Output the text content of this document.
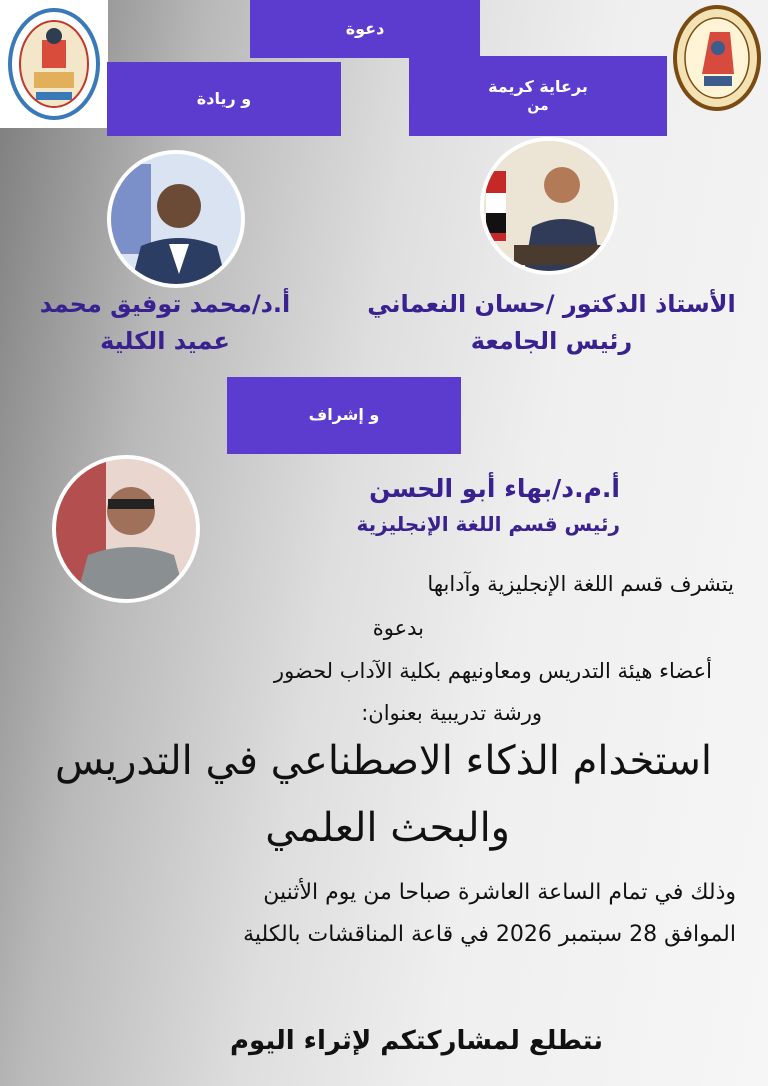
دعوة
و ريادة
برعاية كريمة
من
أ.د/محمد توفيق محمد
عميد الكلية
الأستاذ الدكتور /حسان النعماني
رئيس الجامعة
و إشراف
أ.م.د/بهاء أبو الحسن
رئيس قسم اللغة الإنجليزية
يتشرف قسم اللغة الإنجليزية وآدابها
بدعوة
أعضاء هيئة التدريس ومعاونيهم بكلية الآداب لحضور
ورشة تدريبية بعنوان:
استخدام الذكاء الاصطناعي في التدريس
والبحث العلمي
وذلك في تمام الساعة العاشرة صباحا من يوم الأثنين
الموافق 28 سبتمبر 2026 في قاعة المناقشات بالكلية
نتطلع لمشاركتكم لإثراء اليوم
